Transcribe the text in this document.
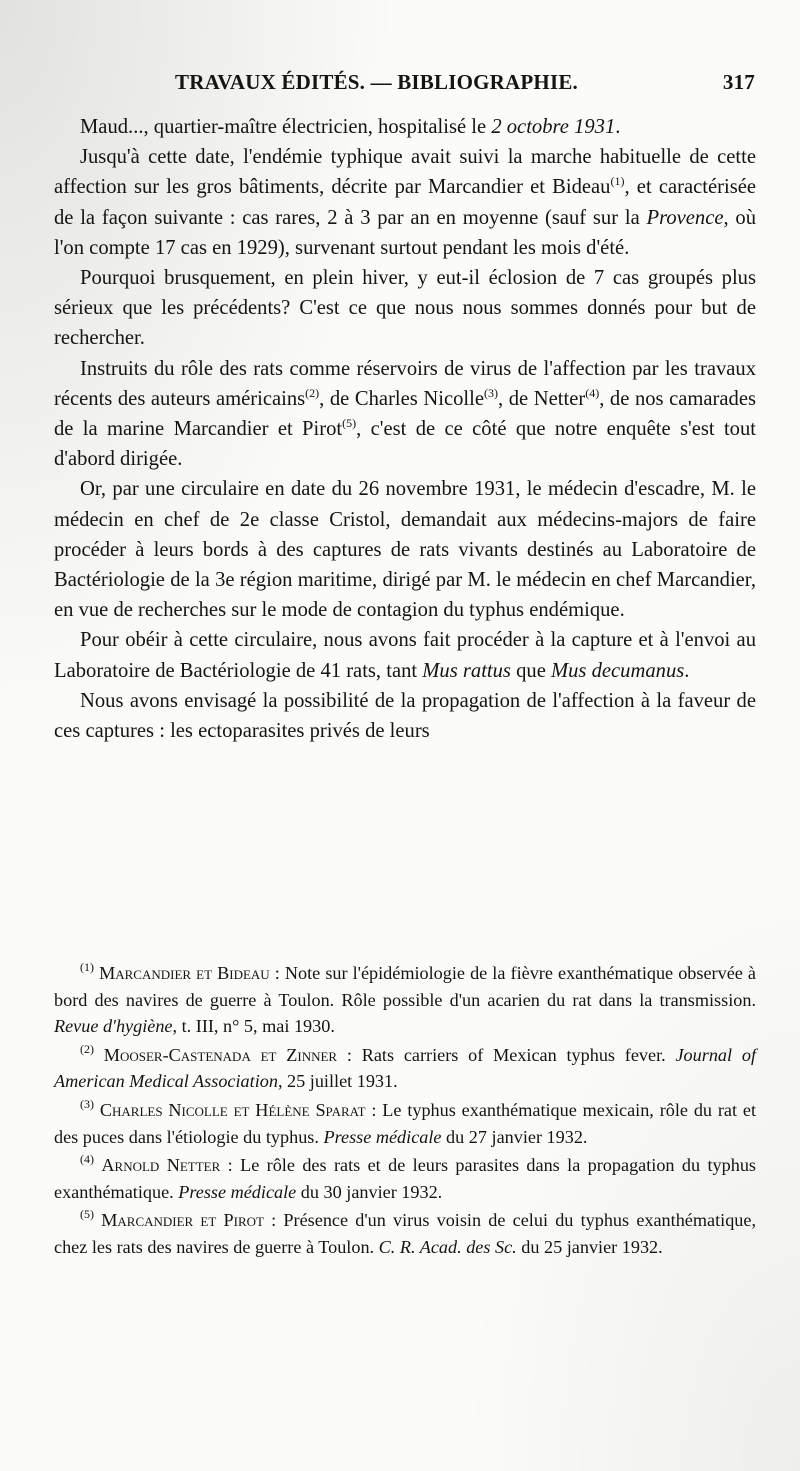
TRAVAUX ÉDITÉS. — BIBLIOGRAPHIE.	317

Maud..., quartier-maître électricien, hospitalisé le 2 octobre 1931.

Jusqu'à cette date, l'endémie typhique avait suivi la marche habituelle de cette affection sur les gros bâtiments, décrite par Marcandier et Bideau$^{(1)}$, et caractérisée de la façon suivante : cas rares, 2 à 3 par an en moyenne (sauf sur la Provence, où l'on compte 17 cas en 1929), survenant surtout pendant les mois d'été.

Pourquoi brusquement, en plein hiver, y eut-il éclosion de 7 cas groupés plus sérieux que les précédents? C'est ce que nous nous sommes donnés pour but de rechercher.

Instruits du rôle des rats comme réservoirs de virus de l'affection par les travaux récents des auteurs américains$^{(2)}$, de Charles Nicolle$^{(3)}$, de Netter$^{(4)}$, de nos camarades de la marine Marcandier et Pirot$^{(5)}$, c'est de ce côté que notre enquête s'est tout d'abord dirigée.

Or, par une circulaire en date du 26 novembre 1931, le médecin d'escadre, M. le médecin en chef de 2e classe Cristol, demandait aux médecins-majors de faire procéder à leurs bords à des captures de rats vivants destinés au Laboratoire de Bactériologie de la 3e région maritime, dirigé par M. le médecin en chef Marcandier, en vue de recherches sur le mode de contagion du typhus endémique.

Pour obéir à cette circulaire, nous avons fait procéder à la capture et à l'envoi au Laboratoire de Bactériologie de 41 rats, tant Mus rattus que Mus decumanus.

Nous avons envisagé la possibilité de la propagation de l'affection à la faveur de ces captures : les ectoparasites privés de leurs

$^{(1)}$ Marcandier et Bideau : Note sur l'épidémiologie de la fièvre exanthématique observée à bord des navires de guerre à Toulon. Rôle possible d'un acarien du rat dans la transmission. Revue d'hygiène, t. III, n° 5, mai 1930.

$^{(2)}$ Mooser-Castenada et Zinner : Rats carriers of Mexican typhus fever. Journal of American Medical Association, 25 juillet 1931.

$^{(3)}$ Charles Nicolle et Hélène Sparat : Le typhus exanthématique mexicain, rôle du rat et des puces dans l'étiologie du typhus. Presse médicale du 27 janvier 1932.

$^{(4)}$ Arnold Netter : Le rôle des rats et de leurs parasites dans la propagation du typhus exanthématique. Presse médicale du 30 janvier 1932.

$^{(5)}$ Marcandier et Pirot : Présence d'un virus voisin de celui du typhus exanthématique, chez les rats des navires de guerre à Toulon. C. R. Acad. des Sc. du 25 janvier 1932.
